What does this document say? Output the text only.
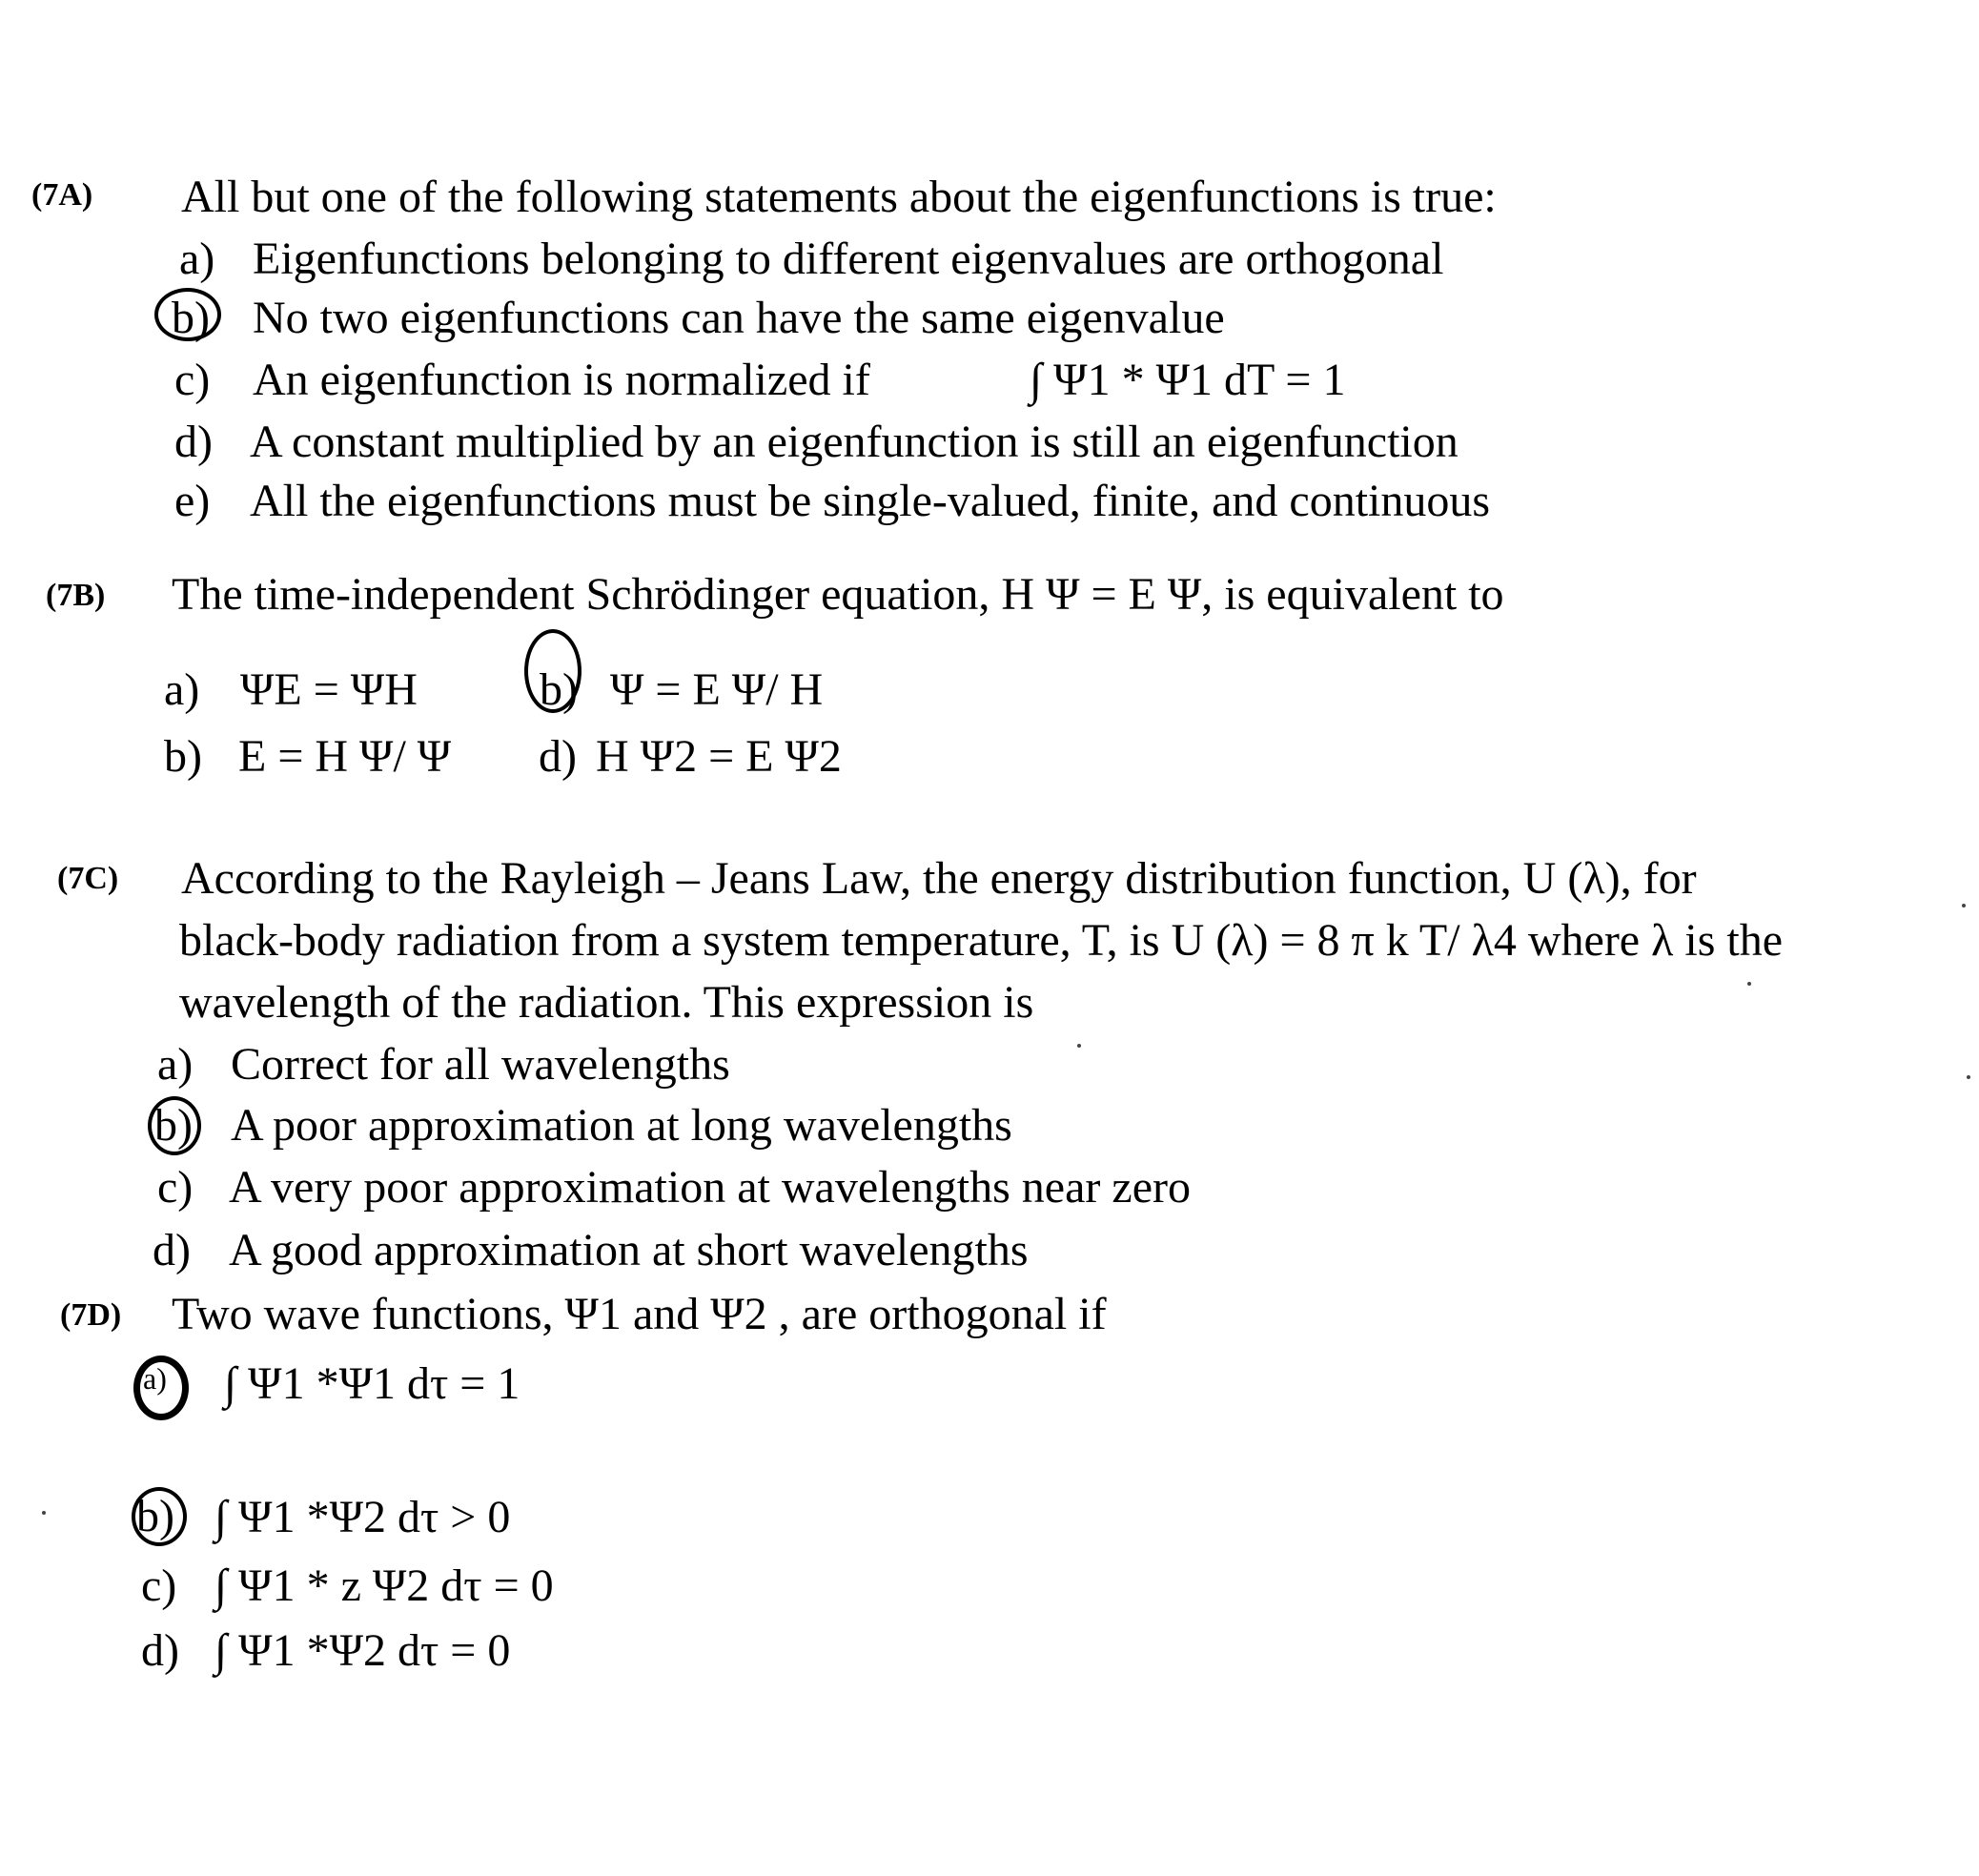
(7A) All but one of the following statements about the eigenfunctions is true:
a) Eigenfunctions belonging to different eigenvalues are orthogonal
b) No two eigenfunctions can have the same eigenvalue
c) An eigenfunction is normalized if	∫ Ψ1 * Ψ1 dT = 1
d) A constant multiplied by an eigenfunction is still an eigenfunction
e) All the eigenfunctions must be single-valued, finite, and continuous
(7B) The time-independent Schrödinger equation, H Ψ = E Ψ, is equivalent to
a) ΨE = ΨH	b) Ψ = E Ψ/ H
b) E = H Ψ/ Ψ d) H Ψ2 = E Ψ2
(7C) According to the Rayleigh – Jeans Law, the energy distribution function, U (λ), for
black-body radiation from a system temperature, T, is U (λ) = 8 π k T/ λ4 where λ is the
wavelength of the radiation. This expression is
a) Correct for all wavelengths
b) A poor approximation at long wavelengths
c) A very poor approximation at wavelengths near zero
d) A good approximation at short wavelengths
(7D) Two wave functions, Ψ1 and Ψ2 , are orthogonal if
a) ∫ Ψ1 *Ψ1 dτ = 1
b) ∫ Ψ1 *Ψ2 dτ > 0
c) ∫ Ψ1 * z Ψ2 dτ = 0
d) ∫ Ψ1 *Ψ2 dτ = 0
